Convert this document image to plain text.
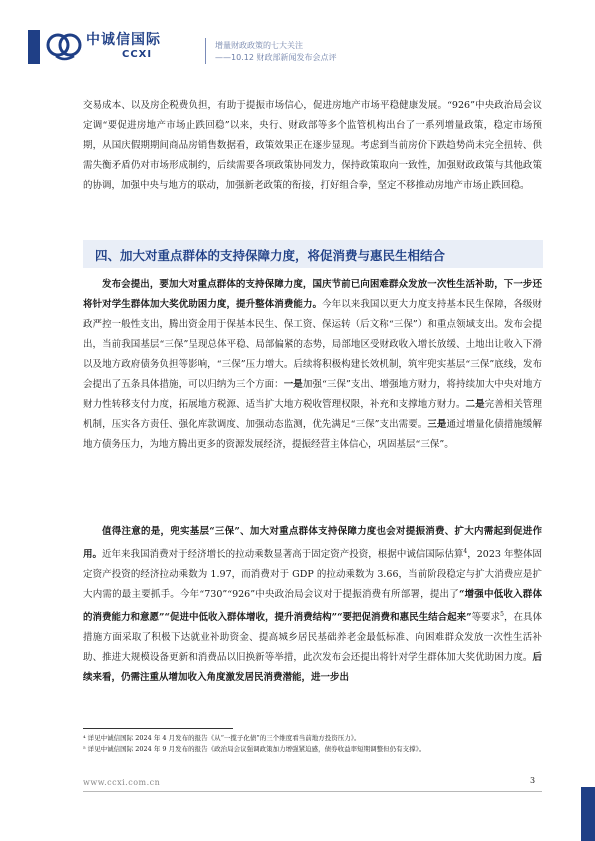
中诚信国际
CCXI
增量财政政策的七大关注
——10.12 财政部新闻发布会点评
交易成本、以及房企税费负担，有助于提振市场信心，促进房地产市场平稳健康发展。“926”中央政治局会议定调“要促进房地产市场止跌回稳”以来，央行、财政部等多个监管机构出台了一系列增量政策，稳定市场预期，从国庆假期期间商品房销售数据看，政策效果正在逐步显现。考虑到当前房价下跌趋势尚未完全扭转、供需失衡矛盾仍对市场形成制约，后续需要各项政策协同发力，保持政策取向一致性，加强财政政策与其他政策的协调，加强中央与地方的联动，加强新老政策的衔接，打好组合拳，坚定不移推动房地产市场止跌回稳。
四、加大对重点群体的支持保障力度，将促消费与惠民生相结合
发布会提出，要加大对重点群体的支持保障力度，国庆节前已向困难群众发放一次性生活补助，下一步还将针对学生群体加大奖优助困力度，提升整体消费能力。今年以来我国以更大力度支持基本民生保障，各级财政严控一般性支出，腾出资金用于保基本民生、保工资、保运转（后文称“三保”）和重点领域支出。发布会提出，当前我国基层“三保”呈现总体平稳、局部偏紧的态势，局部地区受财政收入增长放缓、土地出让收入下滑以及地方政府债务负担等影响，“三保”压力增大。后续将积极构建长效机制，筑牢兜实基层“三保”底线，发布会提出了五条具体措施，可以归纳为三个方面：一是加强“三保”支出、增强地方财力，将持续加大中央对地方财力性转移支付力度，拓展地方税源、适当扩大地方税收管理权限，补充和支撑地方财力。二是完善相关管理机制，压实各方责任、强化库款调度、加强动态监测，优先满足“三保”支出需要。三是通过增量化债措施缓解地方债务压力，为地方腾出更多的资源发展经济，提振经营主体信心，巩固基层“三保”。
值得注意的是，兜实基层“三保”、加大对重点群体支持保障力度也会对提振消费、扩大内需起到促进作用。近年来我国消费对于经济增长的拉动乘数显著高于固定资产投资，根据中诚信国际估算$^4$，2023 年整体固定资产投资的经济拉动乘数为 1.97，而消费对于 GDP 的拉动乘数为 3.66，当前阶段稳定与扩大消费应是扩大内需的最主要抓手。今年“730”“926”中央政治局会议对于提振消费有所部署，提出了“增强中低收入群体的消费能力和意愿”“促进中低收入群体增收，提升消费结构”“要把促消费和惠民生结合起来”等要求$^5$，在具体措施方面采取了积极下达就业补助资金、提高城乡居民基础养老金最低标准、向困难群众发放一次性生活补助、推进大规模设备更新和消费品以旧换新等举措，此次发布会还提出将针对学生群体加大奖优助困力度。后续来看，仍需注重从增加收入角度激发居民消费潜能，进一步出
⁴ 详见中诚信国际 2024 年 4 月发布的报告《从“一揽子化债”的三个维度看当前地方投资压力》。
⁵ 详见中诚信国际 2024 年 9 月发布的报告《政治局会议强调政策加力增强紧迫感，债券收益率短期调整但仍有支撑》。
www.ccxi.com.cn	3
